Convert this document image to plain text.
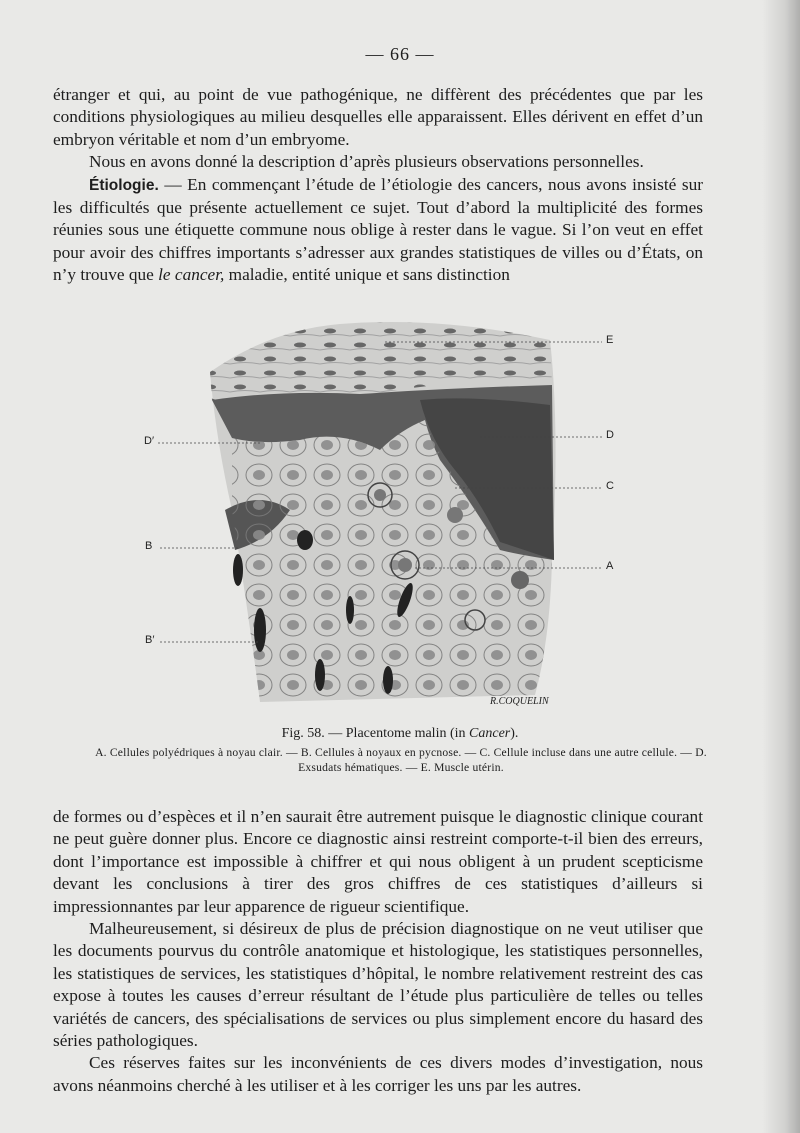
— 66 —

étranger et qui, au point de vue pathogénique, ne diffèrent des précédentes que par les conditions physiologiques au milieu desquelles elle apparaissent. Elles dérivent en effet d’un embryon véritable et nom d’un embryome.

Nous en avons donné la description d’après plusieurs observations personnelles.

Étiologie. — En commençant l’étude de l’étiologie des cancers, nous avons insisté sur les difficultés que présente actuellement ce sujet. Tout d’abord la multiplicité des formes réunies sous une étiquette commune nous oblige à rester dans le vague. Si l’on veut en effet pour avoir des chiffres importants s’adresser aux grandes statistiques de villes ou d’États, on n’y trouve que le cancer, maladie, entité unique et sans distinction

E
D
C
A
D′
B
B′
R.COQUELIN
Fig. 58. — Placentome malin (in Cancer).
A. Cellules polyédriques à noyau clair. — B. Cellules à noyaux en pycnose. — C. Cellule incluse dans une autre cellule. — D. Exsudats hématiques. — E. Muscle utérin.

de formes ou d’espèces et il n’en saurait être autrement puisque le diagnostic clinique courant ne peut guère donner plus. Encore ce diagnostic ainsi restreint comporte-t-il bien des erreurs, dont l’importance est impossible à chiffrer et qui nous obligent à un prudent scepticisme devant les conclusions à tirer des gros chiffres de ces statistiques d’ailleurs si impressionnantes par leur apparence de rigueur scientifique.

Malheureusement, si désireux de plus de précision diagnostique on ne veut utiliser que les documents pourvus du contrôle anatomique et histologique, les statistiques personnelles, les statistiques de services, les statistiques d’hôpital, le nombre relativement restreint des cas expose à toutes les causes d’erreur résultant de l’étude plus particulière de telles ou telles variétés de cancers, des spécialisations de services ou plus simplement encore du hasard des séries pathologiques.

Ces réserves faites sur les inconvénients de ces divers modes d’investigation, nous avons néanmoins cherché à les utiliser et à les corriger les uns par les autres.
